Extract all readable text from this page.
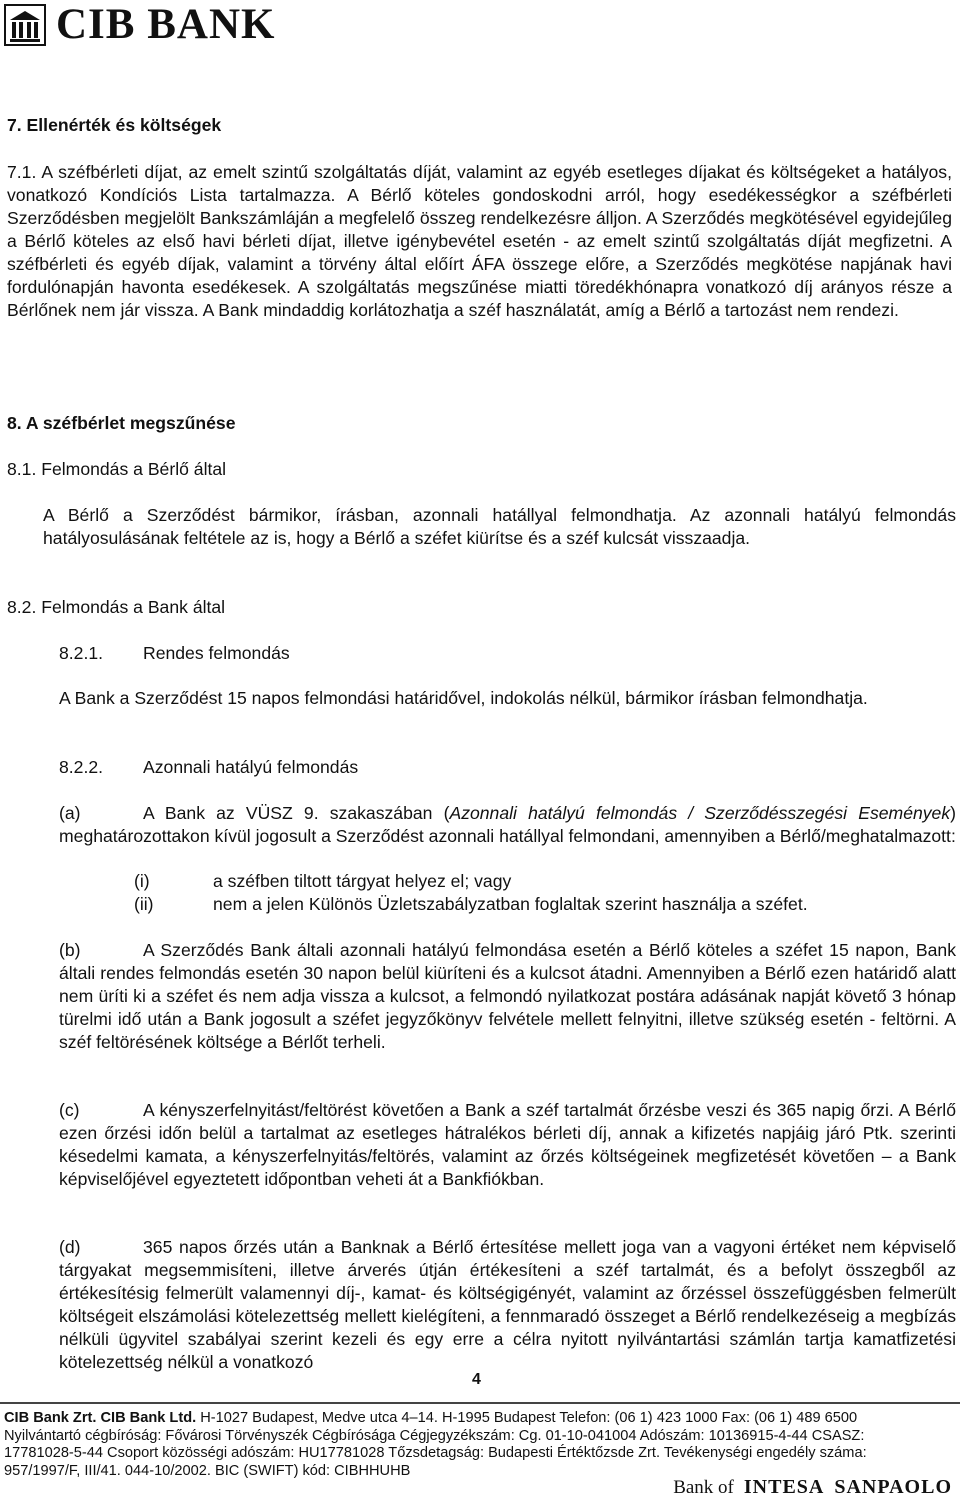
CIB BANK
7. Ellenérték és költségek
7.1. A széfbérleti díjat, az emelt szintű szolgáltatás díját, valamint az egyéb esetleges díjakat és költségeket a hatályos, vonatkozó Kondíciós Lista tartalmazza. A Bérlő köteles gondoskodni arról, hogy esedékességkor a széfbérleti Szerződésben megjelölt Bankszámláján a megfelelő összeg rendelkezésre álljon. A Szerződés megkötésével egyidejűleg a Bérlő köteles az első havi bérleti díjat, illetve igénybevétel esetén - az emelt szintű szolgáltatás díját megfizetni. A széfbérleti és egyéb díjak, valamint a törvény által előírt ÁFA összege előre, a Szerződés megkötése napjának havi fordulónapján havonta esedékesek. A szolgáltatás megszűnése miatti töredékhónapra vonatkozó díj arányos része a Bérlőnek nem jár vissza. A Bank mindaddig korlátozhatja a széf használatát, amíg a Bérlő a tartozást nem rendezi.
8. A széfbérlet megszűnése
8.1. Felmondás a Bérlő által
A Bérlő a Szerződést bármikor, írásban, azonnali hatállyal felmondhatja. Az azonnali hatályú felmondás hatályosulásának feltétele az is, hogy a Bérlő a széfet kiürítse és a széf kulcsát visszaadja.
8.2. Felmondás a Bank által
8.2.1. Rendes felmondás
A Bank a Szerződést 15 napos felmondási határidővel, indokolás nélkül, bármikor írásban felmondhatja.
8.2.2. Azonnali hatályú felmondás
(a)	A Bank az VÜSZ 9. szakaszában (Azonnali hatályú felmondás / Szerződésszegési Események) meghatározottakon kívül jogosult a Szerződést azonnali hatállyal felmondani, amennyiben a Bérlő/meghatalmazott:
(i)	a széfben tiltott tárgyat helyez el; vagy
(ii)	nem a jelen Különös Üzletszabályzatban foglaltak szerint használja a széfet.
(b)	A Szerződés Bank általi azonnali hatályú felmondása esetén a Bérlő köteles a széfet 15 napon, Bank általi rendes felmondás esetén 30 napon belül kiüríteni és a kulcsot átadni. Amennyiben a Bérlő ezen határidő alatt nem üríti ki a széfet és nem adja vissza a kulcsot, a felmondó nyilatkozat postára adásának napját követő 3 hónap türelmi idő után a Bank jogosult a széfet jegyzőkönyv felvétele mellett felnyitni, illetve szükség esetén - feltörni. A széf feltörésének költsége a Bérlőt terheli.
(c)	A kényszerfelnyitást/feltörést követően a Bank a széf tartalmát őrzésbe veszi és 365 napig őrzi. A Bérlő ezen őrzési időn belül a tartalmat az esetleges hátralékos bérleti díj, annak a kifizetés napjáig járó Ptk. szerinti késedelmi kamata, a kényszerfelnyitás/feltörés, valamint az őrzés költségeinek megfizetését követően – a Bank képviselőjével egyeztetett időpontban veheti át a Bankfiókban.
(d)	365 napos őrzés után a Banknak a Bérlő értesítése mellett joga van a vagyoni értéket nem képviselő tárgyakat megsemmisíteni, illetve árverés útján értékesíteni a széf tartalmát, és a befolyt összegből az értékesítésig felmerült valamennyi díj-, kamat- és költségigényét, valamint az őrzéssel összefüggésben felmerült költségeit elszámolási kötelezettség mellett kielégíteni, a fennmaradó összeget a Bérlő rendelkezéseig a megbízás nélküli ügyvitel szabályai szerint kezeli és egy erre a célra nyitott nyilvántartási számlán tartja kamatfizetési kötelezettség nélkül a vonatkozó
4
CIB Bank Zrt. CIB Bank Ltd. H-1027 Budapest, Medve utca 4–14. H-1995 Budapest Telefon: (06 1) 423 1000 Fax: (06 1) 489 6500
Nyilvántartó cégbíróság: Fővárosi Törvényszék Cégbírósága Cégjegyzékszám: Cg. 01-10-041004 Adószám: 10136915-4-44 CSASZ:
17781028-5-44 Csoport közösségi adószám: HU17781028 Tőzsdetagság: Budapesti Értéktőzsde Zrt. Tevékenységi engedély száma:
957/1997/F, III/41. 044-10/2002. BIC (SWIFT) kód: CIBHHUHB
Bank of INTESA SANPAOLO
